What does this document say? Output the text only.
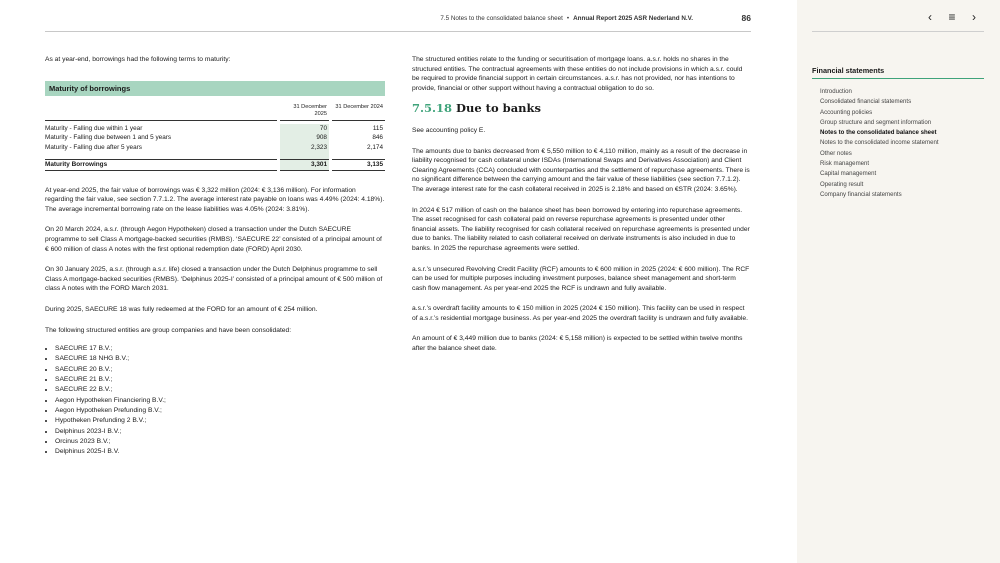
7.5 Notes to the consolidated balance sheet • Annual Report 2025 ASR Nederland N.V.	86

As at year-end, borrowings had the following terms to maturity:

Maturity of borrowings
31 December 2025
31 December 2024
Maturity - Falling due within 1 year	70	115
Maturity - Falling due between 1 and 5 years	908	846
Maturity - Falling due after 5 years	2,323	2,174
Maturity Borrowings	3,301	3,135

At year-end 2025, the fair value of borrowings was € 3,322 million (2024: € 3,136 million). For information regarding the fair value, see section 7.7.1.2. The average interest rate payable on loans was 4.49% (2024: 4.18%). The average incremental borrowing rate on the lease liabilities was 4.05% (2024: 3.81%).

On 20 March 2024, a.s.r. (through Aegon Hypotheken) closed a transaction under the Dutch SAECURE programme to sell Class A mortgage-backed securities (RMBS). ‘SAECURE 22’ consisted of a principal amount of € 600 million of class A notes with the first optional redemption date (FORD) April 2030.

On 30 January 2025, a.s.r. (through a.s.r. life) closed a transaction under the Dutch Delphinus programme to sell Class A mortgage-backed securities (RMBS). ‘Delphinus 2025-I’ consisted of a principal amount of € 500 million of class A notes with the FORD March 2031.

During 2025, SAECURE 18 was fully redeemed at the FORD for an amount of € 254 million.

The following structured entities are group companies and have been consolidated:

• SAECURE 17 B.V.;
• SAECURE 18 NHG B.V.;
• SAECURE 20 B.V.;
• SAECURE 21 B.V.;
• SAECURE 22 B.V.;
• Aegon Hypotheken Financiering B.V.;
• Aegon Hypotheken Prefunding B.V.;
• Hypotheken Prefunding 2 B.V.;
• Delphinus 2023-I B.V.;
• Orcinus 2023 B.V.;
• Delphinus 2025-I B.V.

The structured entities relate to the funding or securitisation of mortgage loans. a.s.r. holds no shares in the structured entities. The contractual agreements with these entities do not include provisions in which a.s.r. could be required to provide financial support in certain circumstances. a.s.r. has not provided, nor has intentions to provide, financial or other support without having a contractual obligation to do so.

7.5.18 Due to banks

See accounting policy E.

The amounts due to banks decreased from € 5,550 million to € 4,110 million, mainly as a result of the decrease in liability recognised for cash collateral under ISDAs (International Swaps and Derivatives Association) and Client Clearing Agreements (CCA) concluded with counterparties and the settlement of repurchase agreements. There is no significant difference between the carrying amount and the fair value of these liabilities (see section 7.7.1.2). The average interest rate for the cash collateral received in 2025 is 2.18% and based on €STR (2024: 3.65%).

In 2024 € 517 million of cash on the balance sheet has been borrowed by entering into repurchase agreements. The asset recognised for cash collateral paid on reverse repurchase agreements is presented under other financial assets. The liability recognised for cash collateral received on repurchase agreements is presented under due to banks. The liability related to cash collateral received on derivate instruments is also included in due to banks. In 2025 the repurchase agreements were settled.

a.s.r.’s unsecured Revolving Credit Facility (RCF) amounts to € 600 million in 2025 (2024: € 600 million). The RCF can be used for multiple purposes including investment purposes, balance sheet management and short-term cash flow management. As per year-end 2025 the RCF is undrawn and fully available.

a.s.r.’s overdraft facility amounts to € 150 million in 2025 (2024 € 150 million). This facility can be used in respect of a.s.r.’s residential mortgage business. As per year-end 2025 the overdraft facility is undrawn and fully available.

An amount of € 3,449 million due to banks (2024: € 5,158 million) is expected to be settled within twelve months after the balance sheet date.

‹ ≡ ›
Financial statements
Introduction
Consolidated financial statements
Accounting policies
Group structure and segment information
Notes to the consolidated balance sheet
Notes to the consolidated income statement
Other notes
Risk management
Capital management
Operating result
Company financial statements
